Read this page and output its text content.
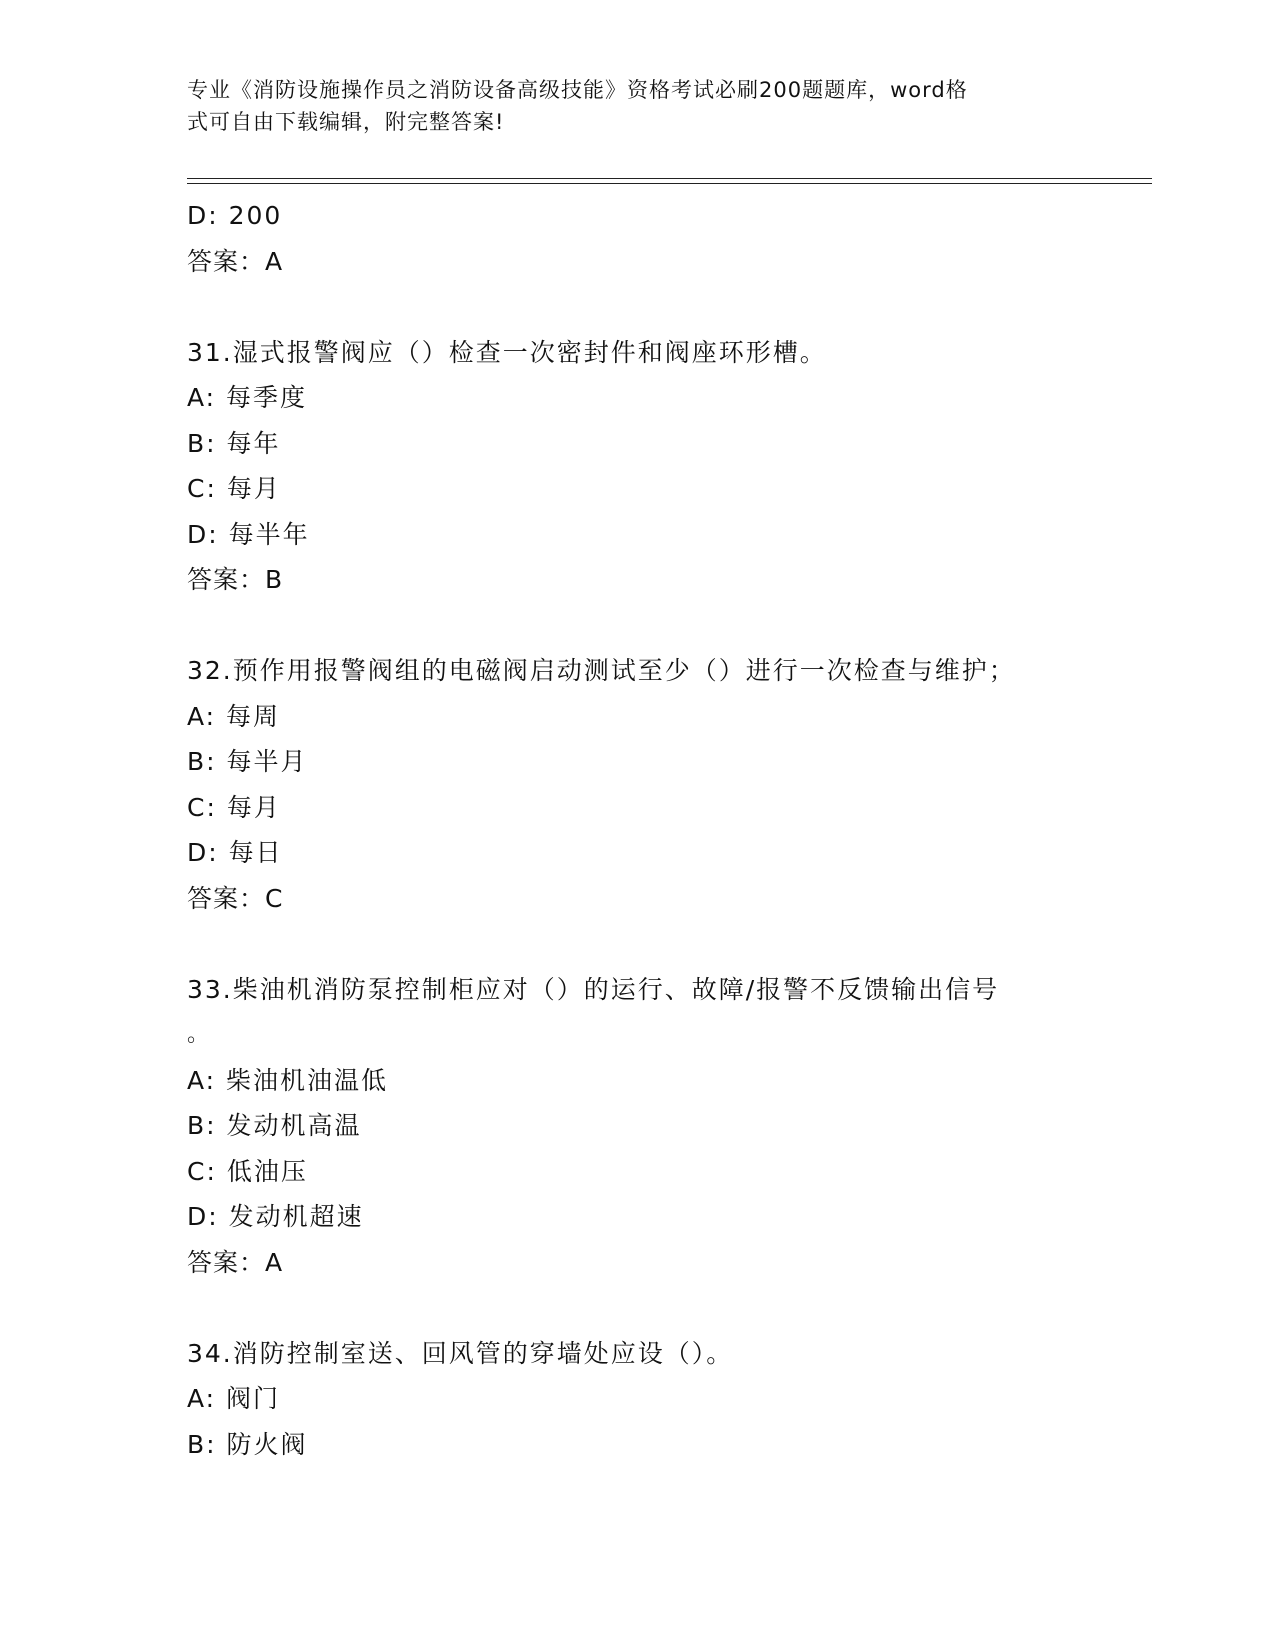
专业《消防设施操作员之消防设备高级技能》资格考试必刷200题题库，word格
式可自由下载编辑，附完整答案!
D: 200
答案：A
31.湿式报警阀应（）检查一次密封件和阀座环形槽。
A: 每季度
B: 每年
C: 每月
D: 每半年
答案：B
32.预作用报警阀组的电磁阀启动测试至少（）进行一次检查与维护；
A: 每周
B: 每半月
C: 每月
D: 每日
答案：C
33.柴油机消防泵控制柜应对（）的运行、故障/报警不反馈输出信号
。
A: 柴油机油温低
B: 发动机高温
C: 低油压
D: 发动机超速
答案：A
34.消防控制室送、回风管的穿墙处应设（）。
A: 阀门
B: 防火阀
